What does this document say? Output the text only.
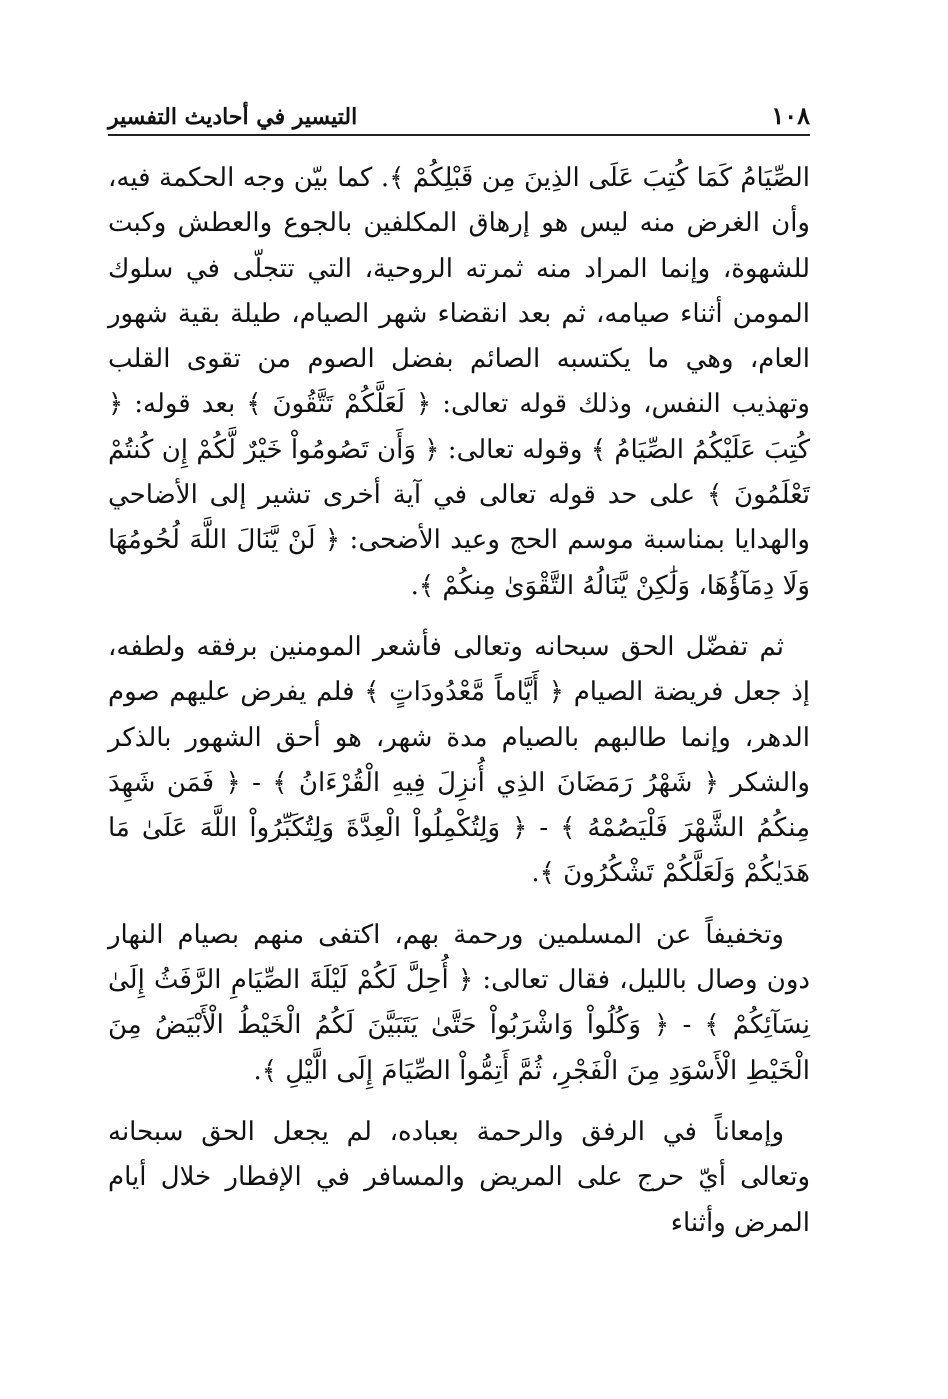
١٠٨
التيسير في أحاديث التفسير

الصِّيَامُ كَمَا كُتِبَ عَلَى الذِينَ مِن قَبْلِكُمْ ﴾. كما بيّن وجه الحكمة فيه، وأن الغرض منه ليس هو إرهاق المكلفين بالجوع والعطش وكبت للشهوة، وإنما المراد منه ثمرته الروحية، التي تتجلّى في سلوك المومن أثناء صيامه، ثم بعد انقضاء شهر الصيام، طيلة بقية شهور العام، وهي ما يكتسبه الصائم بفضل الصوم من تقوى القلب وتهذيب النفس، وذلك قوله تعالى: ﴿ لَعَلَّكُمْ تَتَّقُونَ ﴾ بعد قوله: ﴿ كُتِبَ عَلَيْكُمُ الصِّيَامُ ﴾ وقوله تعالى: ﴿ وَأَن تَصُومُواْ خَيْرٌ لَّكُمْ إِن كُنتُمْ تَعْلَمُونَ ﴾ على حد قوله تعالى في آية أخرى تشير إلى الأضاحي والهدايا بمناسبة موسم الحج وعيد الأضحى: ﴿ لَنْ يَّنَالَ اللَّهَ لُحُومُهَا وَلَا دِمَآؤُهَا، وَلَٰكِنْ يَّنَالُهُ التَّقْوَىٰ مِنكُمْ ﴾.

ثم تفضّل الحق سبحانه وتعالى فأشعر المومنين برفقه ولطفه، إذ جعل فريضة الصيام ﴿ أَيَّاماً مَّعْدُودَاتٍ ﴾ فلم يفرض عليهم صوم الدهر، وإنما طالبهم بالصيام مدة شهر، هو أحق الشهور بالذكر والشكر ﴿ شَهْرُ رَمَضَانَ الذِي أُنزِلَ فِيهِ الْقُرْءَانُ ﴾ - ﴿ فَمَن شَهِدَ مِنكُمُ الشَّهْرَ فَلْيَصُمْهُ ﴾ - ﴿ وَلِتُكْمِلُواْ الْعِدَّةَ وَلِتُكَبِّرُواْ اللَّهَ عَلَىٰ مَا هَدَيٰكُمْ وَلَعَلَّكُمْ تَشْكُرُونَ ﴾.

وتخفيفاً عن المسلمين ورحمة بهم، اكتفى منهم بصيام النهار دون وصال بالليل، فقال تعالى: ﴿ أُحِلَّ لَكُمْ لَيْلَةَ الصِّيَامِ الرَّفَثُ إِلَىٰ نِسَآئِكُمْ ﴾ - ﴿ وَكُلُواْ وَاشْرَبُواْ حَتَّىٰ يَتَبَيَّنَ لَكُمُ الْخَيْطُ الْأَبْيَضُ مِنَ الْخَيْطِ الْأَسْوَدِ مِنَ الْفَجْرِ، ثُمَّ أَتِمُّواْ الصِّيَامَ إِلَى الَّيْلِ ﴾.

وإمعاناً في الرفق والرحمة بعباده، لم يجعل الحق سبحانه وتعالى أيّ حرج على المريض والمسافر في الإفطار خلال أيام المرض وأثناء
